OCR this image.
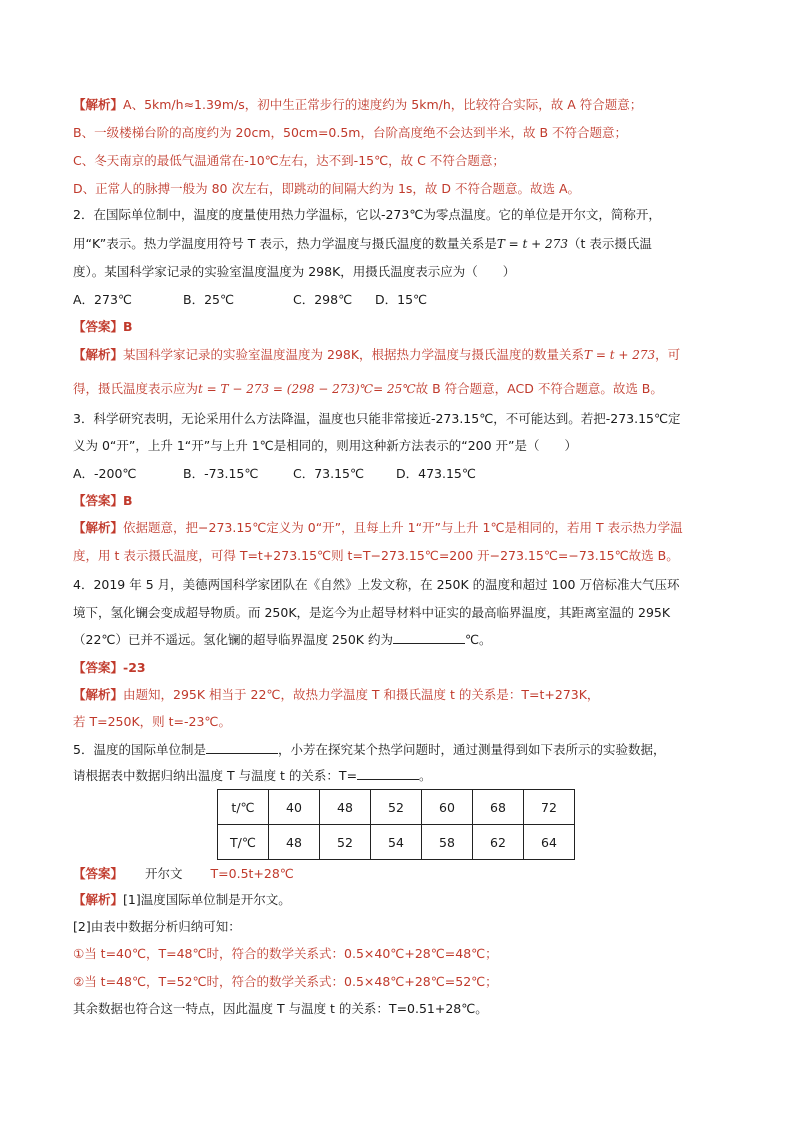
【解析】A、5km/h≈1.39m/s，初中生正常步行的速度约为 5km/h，比较符合实际，故 A 符合题意；
B、一级楼梯台阶的高度约为 20cm，50cm=0.5m，台阶高度绝不会达到半米，故 B 不符合题意；
C、冬天南京的最低气温通常在-10℃左右，达不到-15℃，故 C 不符合题意；
D、正常人的脉搏一般为 80 次左右，即跳动的间隔大约为 1s，故 D 不符合题意。故选 A。
2．在国际单位制中，温度的度量使用热力学温标，它以-273℃为零点温度。它的单位是开尔文，简称开，
用“K”表示。热力学温度用符号 T 表示，热力学温度与摄氏温度的数量关系是T = t + 273（t 表示摄氏温
度）。某国科学家记录的实验室温度温度为 298K，用摄氏温度表示应为（　　）
A．273℃	B．25℃	C．298℃ D．15℃
【答案】B
【解析】某国科学家记录的实验室温度温度为 298K，根据热力学温度与摄氏温度的数量关系T = t + 273，可
得，摄氏温度表示应为t = T − 273 = (298 − 273)℃= 25℃故 B 符合题意，ACD 不符合题意。故选 B。
3．科学研究表明，无论采用什么方法降温，温度也只能非常接近-273.15℃，不可能达到。若把-273.15℃定
义为 0“开”，上升 1“开”与上升 1℃是相同的，则用这种新方法表示的“200 开”是（　　）
A．-200℃	B．-73.15℃	C．73.15℃	D．473.15℃
【答案】B
【解析】依据题意，把−273.15℃定义为 0“开”，且每上升 1“开”与上升 1℃是相同的，若用 T 表示热力学温
度，用 t 表示摄氏温度，可得 T=t+273.15℃则 t=T−273.15℃=200 开−273.15℃=−73.15℃故选 B。
4．2019 年 5 月，美德两国科学家团队在《自然》上发文称，在 250K 的温度和超过 100 万倍标准大气压环
境下，氢化镧会变成超导物质。而 250K，是迄今为止超导材料中证实的最高临界温度，其距离室温的 295K
（22℃）已并不遥远。氢化镧的超导临界温度 250K 约为	℃。
【答案】-23
【解析】由题知，295K 相当于 22℃，故热力学温度 T 和摄氏温度 t 的关系是：T=t+273K，
若 T=250K，则 t=-23℃。
5．温度的国际单位制是	，小芳在探究某个热学问题时，通过测量得到如下表所示的实验数据，
请根据表中数据归纳出温度 T 与温度 t 的关系：T=	。
t/℃	40	48	52	60	68	72
T/℃	48	52	54	58	62	64
【答案】 开尔文 T=0.5t+28℃
【解析】[1]温度国际单位制是开尔文。
[2]由表中数据分析归纳可知：
①当 t=40℃，T=48℃时，符合的数学关系式：0.5×40℃+28℃=48℃；
②当 t=48℃，T=52℃时，符合的数学关系式：0.5×48℃+28℃=52℃；
其余数据也符合这一特点，因此温度 T 与温度 t 的关系：T=0.51+28℃。
